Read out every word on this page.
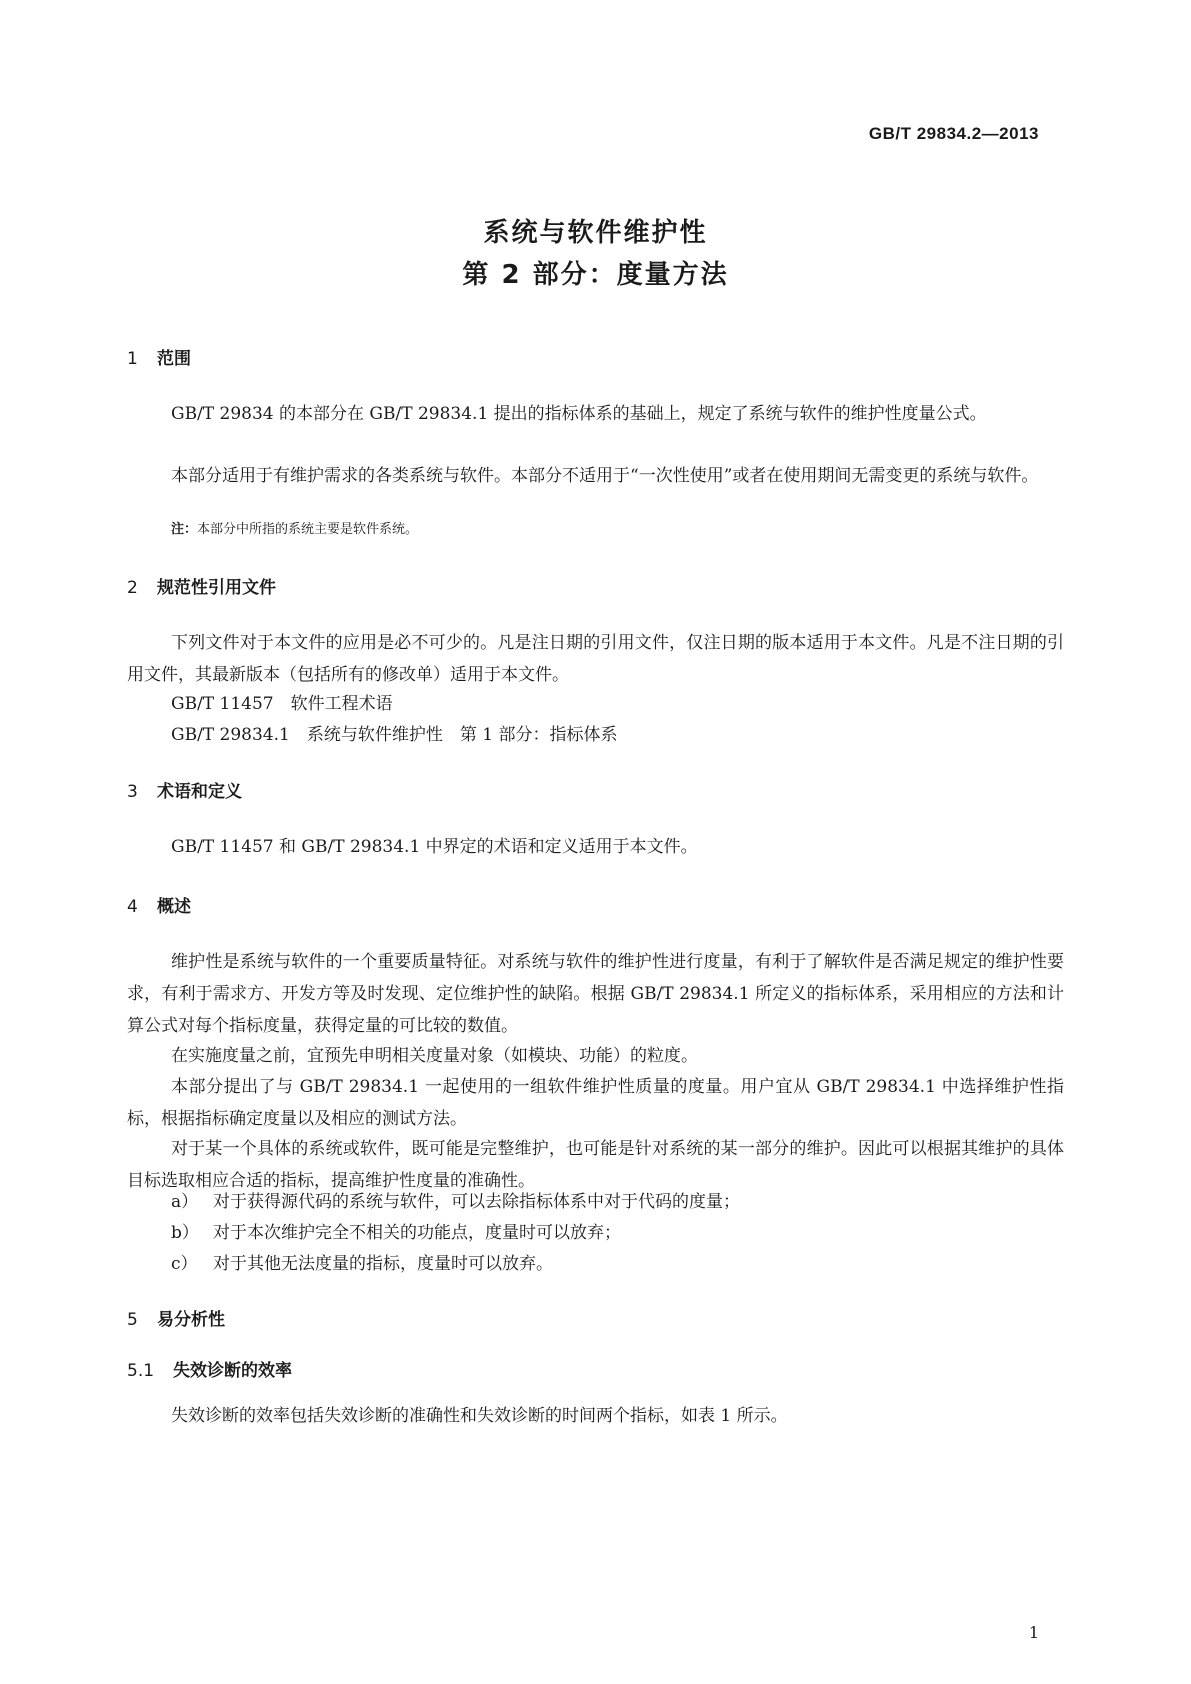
GB/T 29834.2—2013
系统与软件维护性
第 2 部分：度量方法
1 范围
GB/T 29834 的本部分在 GB/T 29834.1 提出的指标体系的基础上，规定了系统与软件的维护性度量公式。
本部分适用于有维护需求的各类系统与软件。本部分不适用于“一次性使用”或者在使用期间无需变更的系统与软件。
注：本部分中所指的系统主要是软件系统。
2 规范性引用文件
下列文件对于本文件的应用是必不可少的。凡是注日期的引用文件，仅注日期的版本适用于本文件。凡是不注日期的引用文件，其最新版本（包括所有的修改单）适用于本文件。
GB/T 11457　软件工程术语
GB/T 29834.1　系统与软件维护性　第 1 部分：指标体系
3 术语和定义
GB/T 11457 和 GB/T 29834.1 中界定的术语和定义适用于本文件。
4 概述
维护性是系统与软件的一个重要质量特征。对系统与软件的维护性进行度量，有利于了解软件是否满足规定的维护性要求，有利于需求方、开发方等及时发现、定位维护性的缺陷。根据 GB/T 29834.1 所定义的指标体系，采用相应的方法和计算公式对每个指标度量，获得定量的可比较的数值。
在实施度量之前，宜预先申明相关度量对象（如模块、功能）的粒度。
本部分提出了与 GB/T 29834.1 一起使用的一组软件维护性质量的度量。用户宜从 GB/T 29834.1 中选择维护性指标，根据指标确定度量以及相应的测试方法。
对于某一个具体的系统或软件，既可能是完整维护，也可能是针对系统的某一部分的维护。因此可以根据其维护的具体目标选取相应合适的指标，提高维护性度量的准确性。
a） 对于获得源代码的系统与软件，可以去除指标体系中对于代码的度量；
b） 对于本次维护完全不相关的功能点，度量时可以放弃；
c） 对于其他无法度量的指标，度量时可以放弃。
5 易分析性
5.1 失效诊断的效率
失效诊断的效率包括失效诊断的准确性和失效诊断的时间两个指标，如表 1 所示。
1
